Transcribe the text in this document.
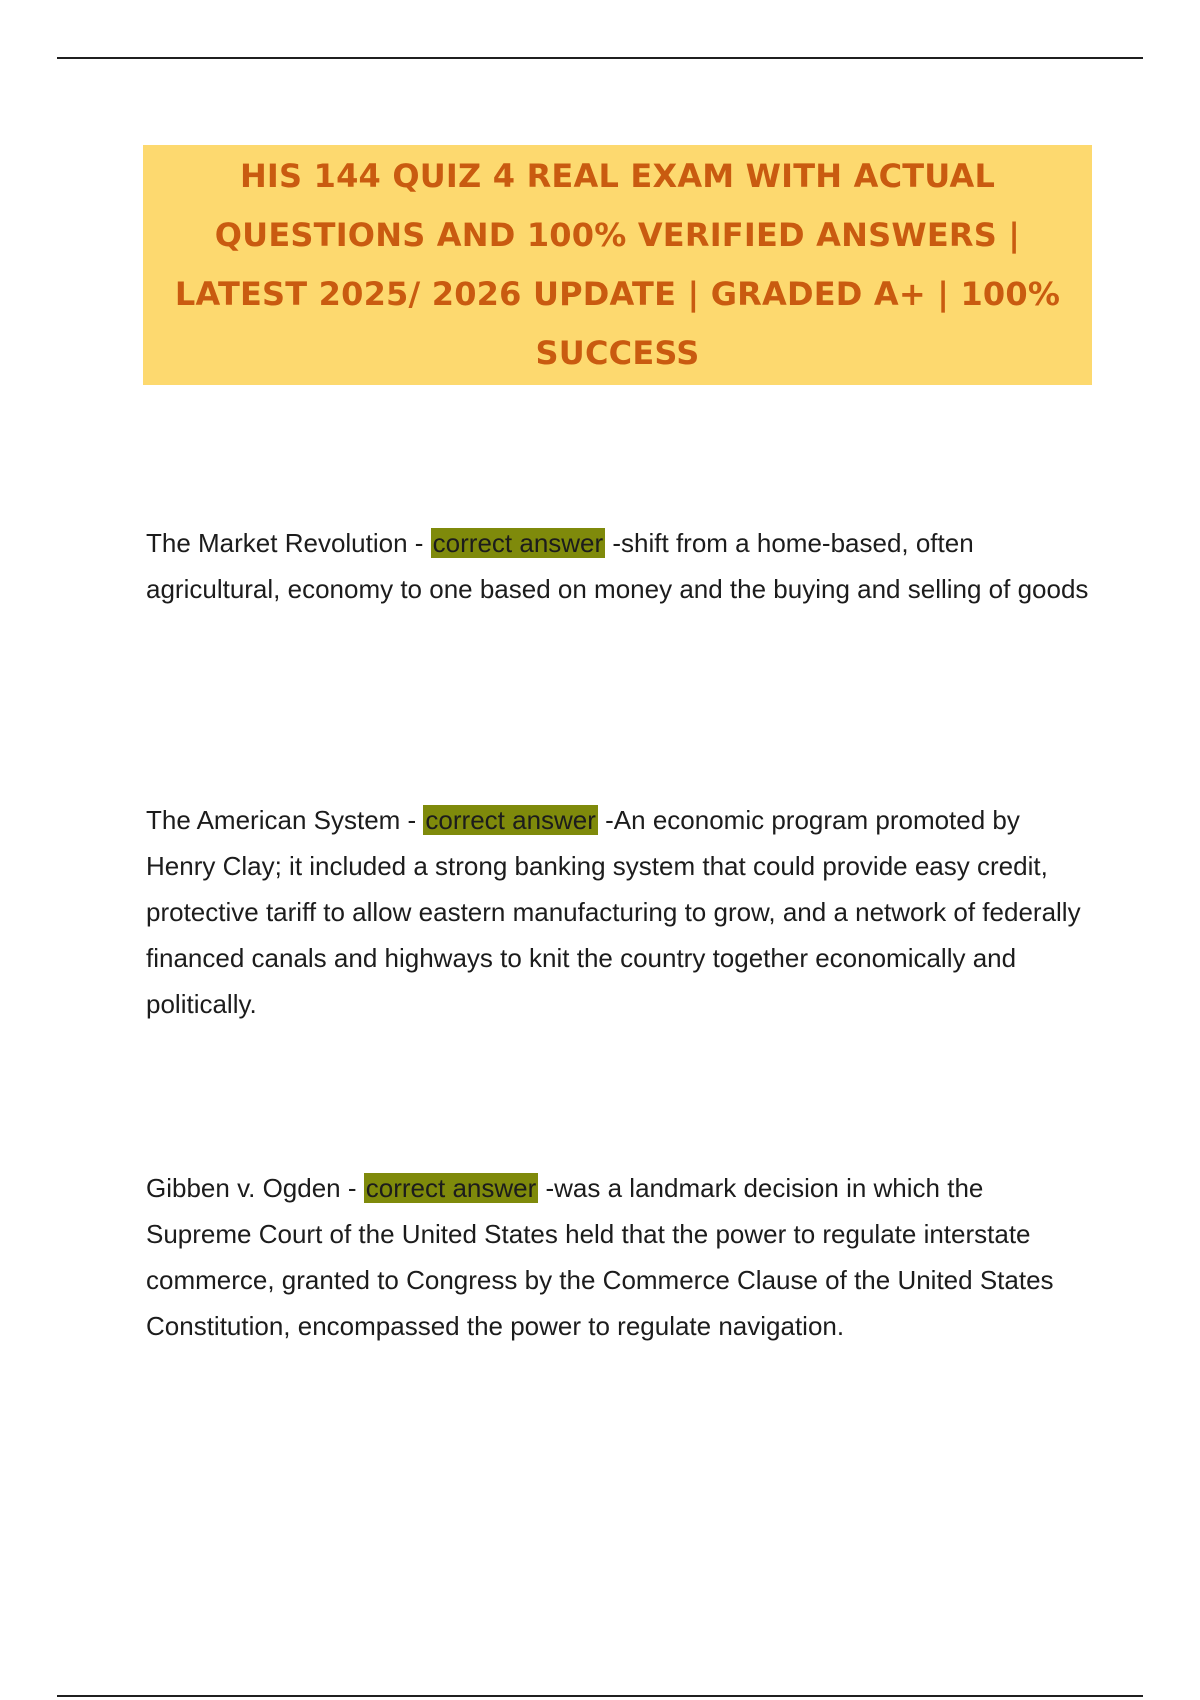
HIS 144 QUIZ 4 REAL EXAM WITH ACTUAL QUESTIONS AND 100% VERIFIED ANSWERS | LATEST 2025/ 2026 UPDATE | GRADED A+ | 100% SUCCESS

The Market Revolution - correct answer -shift from a home-based, often agricultural, economy to one based on money and the buying and selling of goods

The American System - correct answer -An economic program promoted by Henry Clay; it included a strong banking system that could provide easy credit, protective tariff to allow eastern manufacturing to grow, and a network of federally financed canals and highways to knit the country together economically and politically.

Gibben v. Ogden - correct answer -was a landmark decision in which the Supreme Court of the United States held that the power to regulate interstate commerce, granted to Congress by the Commerce Clause of the United States Constitution, encompassed the power to regulate navigation.
